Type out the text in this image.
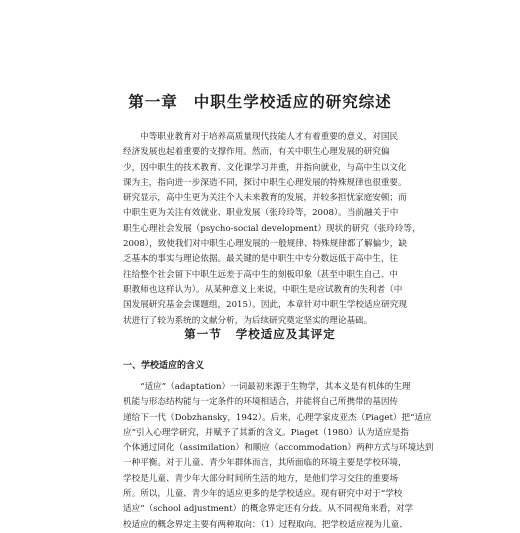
第一章 中职生学校适应的研究综述

　　中等职业教育对于培养高质量现代技能人才有着重要的意义，对国民

经济发展也起着重要的支撑作用。然而，有关中职生心理发展的研究偏

少，因中职生的技术教育、文化课学习并重，并指向就业，与高中生以文化

课为主，指向进一步深造不同，探讨中职生心理发展的特殊规律也很重要。

研究显示，高中生更为关注个人未来教育的发展，并较多担忧家庭安顿；而

中职生更为关注有效就业、职业发展（张玲玲等，2008）。当前融关于中

职生心理社会发展（psycho-social development）现状的研究（张玲玲等，

2008），致使我们对中职生心理发展的一般规律、特殊规律都了解偏少，缺

乏基本的事实与理论依据。最关键的是中职生中专分数远低于高中生，往

往给整个社会留下中职生远差于高中生的刻板印象（甚至中职生自己、中

职教师也这样认为）。从某种意义上来说，中职生是应试教育的失利者（中

国发展研究基金会课题组，2015）。因此，本章针对中职生学校适应研究现

状进行了较为系统的文献分析，为后续研究奠定坚实的理论基础。

第一节 学校适应及其评定
一、学校适应的含义

　　“适应”（adaptation）一词最初来源于生物学，其本义是有机体的生理

机能与形态结构能与一定条件的环境相适合，并能将自己所携带的基因传

递给下一代（Dobzhansky，1942）。后来，心理学家皮亚杰（Piaget）把“适应

应”引入心理学研究，并赋予了其新的含义。Piaget（1980）认为适应是指

个体通过同化（assimilation）和顺应（accommodation）两种方式与环境达到

一种平衡。对于儿童、青少年群体而言，其所面临的环境主要是学校环境，

学校是儿童、青少年大部分时间所生活的地方，是他们学习交往的重要场

所。所以，儿童、青少年的适应更多的是学校适应。现有研究中对于“学校

适应”（school adjustment）的概念界定还有分歧。从不同视角来看，对学

校适应的概念界定主要有两种取向：（1）过程取向。把学校适应视为儿童、
